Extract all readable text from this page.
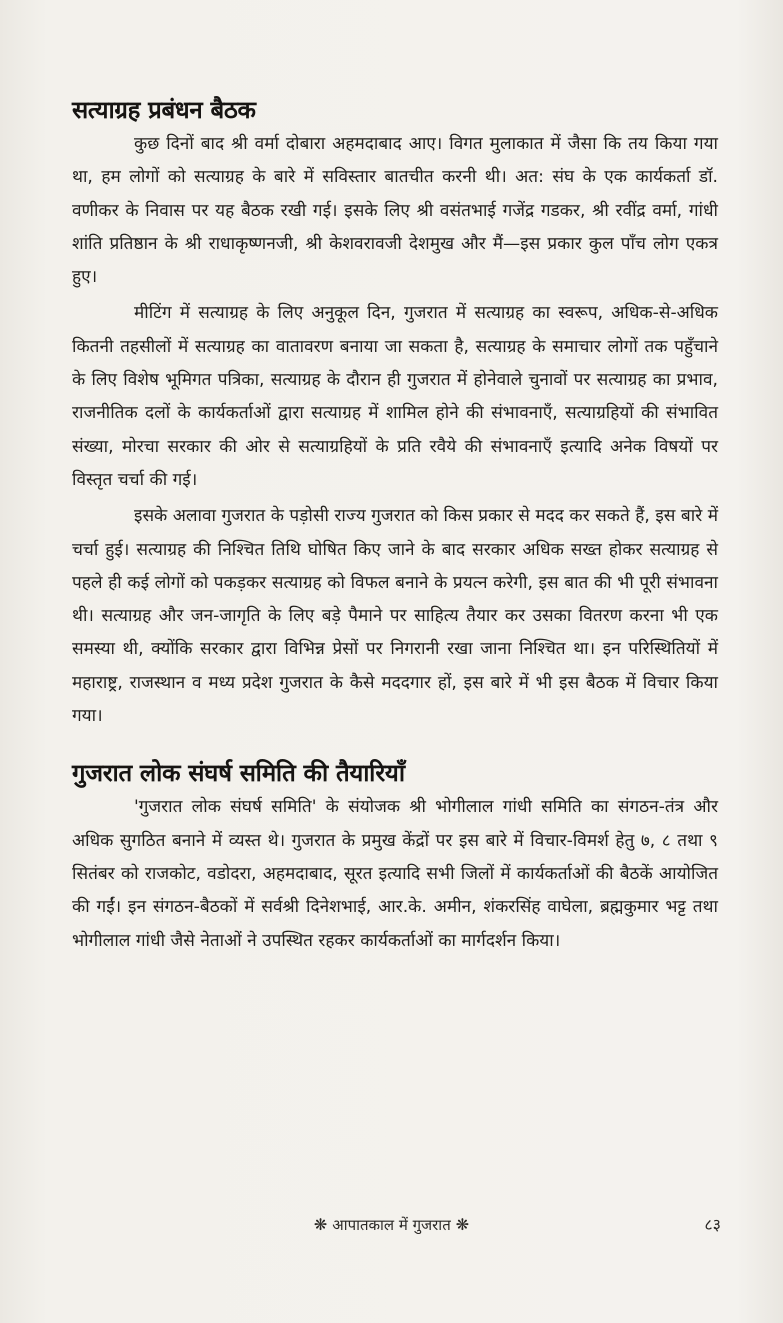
सत्याग्रह प्रबंधन बैठक

कुछ दिनों बाद श्री वर्मा दोबारा अहमदाबाद आए। विगत मुलाकात में जैसा कि तय किया गया था, हम लोगों को सत्याग्रह के बारे में सविस्तार बातचीत करनी थी। अत: संघ के एक कार्यकर्ता डॉ. वणीकर के निवास पर यह बैठक रखी गई। इसके लिए श्री वसंतभाई गजेंद्र गडकर, श्री रवींद्र वर्मा, गांधी शांति प्रतिष्ठान के श्री राधाकृष्णनजी, श्री केशवरावजी देशमुख और मैं—इस प्रकार कुल पाँच लोग एकत्र हुए।

मीटिंग में सत्याग्रह के लिए अनुकूल दिन, गुजरात में सत्याग्रह का स्वरूप, अधिक-से-अधिक कितनी तहसीलों में सत्याग्रह का वातावरण बनाया जा सकता है, सत्याग्रह के समाचार लोगों तक पहुँचाने के लिए विशेष भूमिगत पत्रिका, सत्याग्रह के दौरान ही गुजरात में होनेवाले चुनावों पर सत्याग्रह का प्रभाव, राजनीतिक दलों के कार्यकर्ताओं द्वारा सत्याग्रह में शामिल होने की संभावनाएँ, सत्याग्रहियों की संभावित संख्या, मोरचा सरकार की ओर से सत्याग्रहियों के प्रति रवैये की संभावनाएँ इत्यादि अनेक विषयों पर विस्तृत चर्चा की गई।

इसके अलावा गुजरात के पड़ोसी राज्य गुजरात को किस प्रकार से मदद कर सकते हैं, इस बारे में चर्चा हुई। सत्याग्रह की निश्चित तिथि घोषित किए जाने के बाद सरकार अधिक सख्त होकर सत्याग्रह से पहले ही कई लोगों को पकड़कर सत्याग्रह को विफल बनाने के प्रयत्न करेगी, इस बात की भी पूरी संभावना थी। सत्याग्रह और जन-जागृति के लिए बड़े पैमाने पर साहित्य तैयार कर उसका वितरण करना भी एक समस्या थी, क्योंकि सरकार द्वारा विभिन्न प्रेसों पर निगरानी रखा जाना निश्चित था। इन परिस्थितियों में महाराष्ट्र, राजस्थान व मध्य प्रदेश गुजरात के कैसे मददगार हों, इस बारे में भी इस बैठक में विचार किया गया।

गुजरात लोक संघर्ष समिति की तैयारियाँ

'गुजरात लोक संघर्ष समिति' के संयोजक श्री भोगीलाल गांधी समिति का संगठन-तंत्र और अधिक सुगठित बनाने में व्यस्त थे। गुजरात के प्रमुख केंद्रों पर इस बारे में विचार-विमर्श हेतु ७, ८ तथा ९ सितंबर को राजकोट, वडोदरा, अहमदाबाद, सूरत इत्यादि सभी जिलों में कार्यकर्ताओं की बैठकें आयोजित की गईं। इन संगठन-बैठकों में सर्वश्री दिनेशभाई, आर.के. अमीन, शंकरसिंह वाघेला, ब्रह्मकुमार भट्ट तथा भोगीलाल गांधी जैसे नेताओं ने उपस्थित रहकर कार्यकर्ताओं का मार्गदर्शन किया।

❋ आपातकाल में गुजरात ❋	८३
